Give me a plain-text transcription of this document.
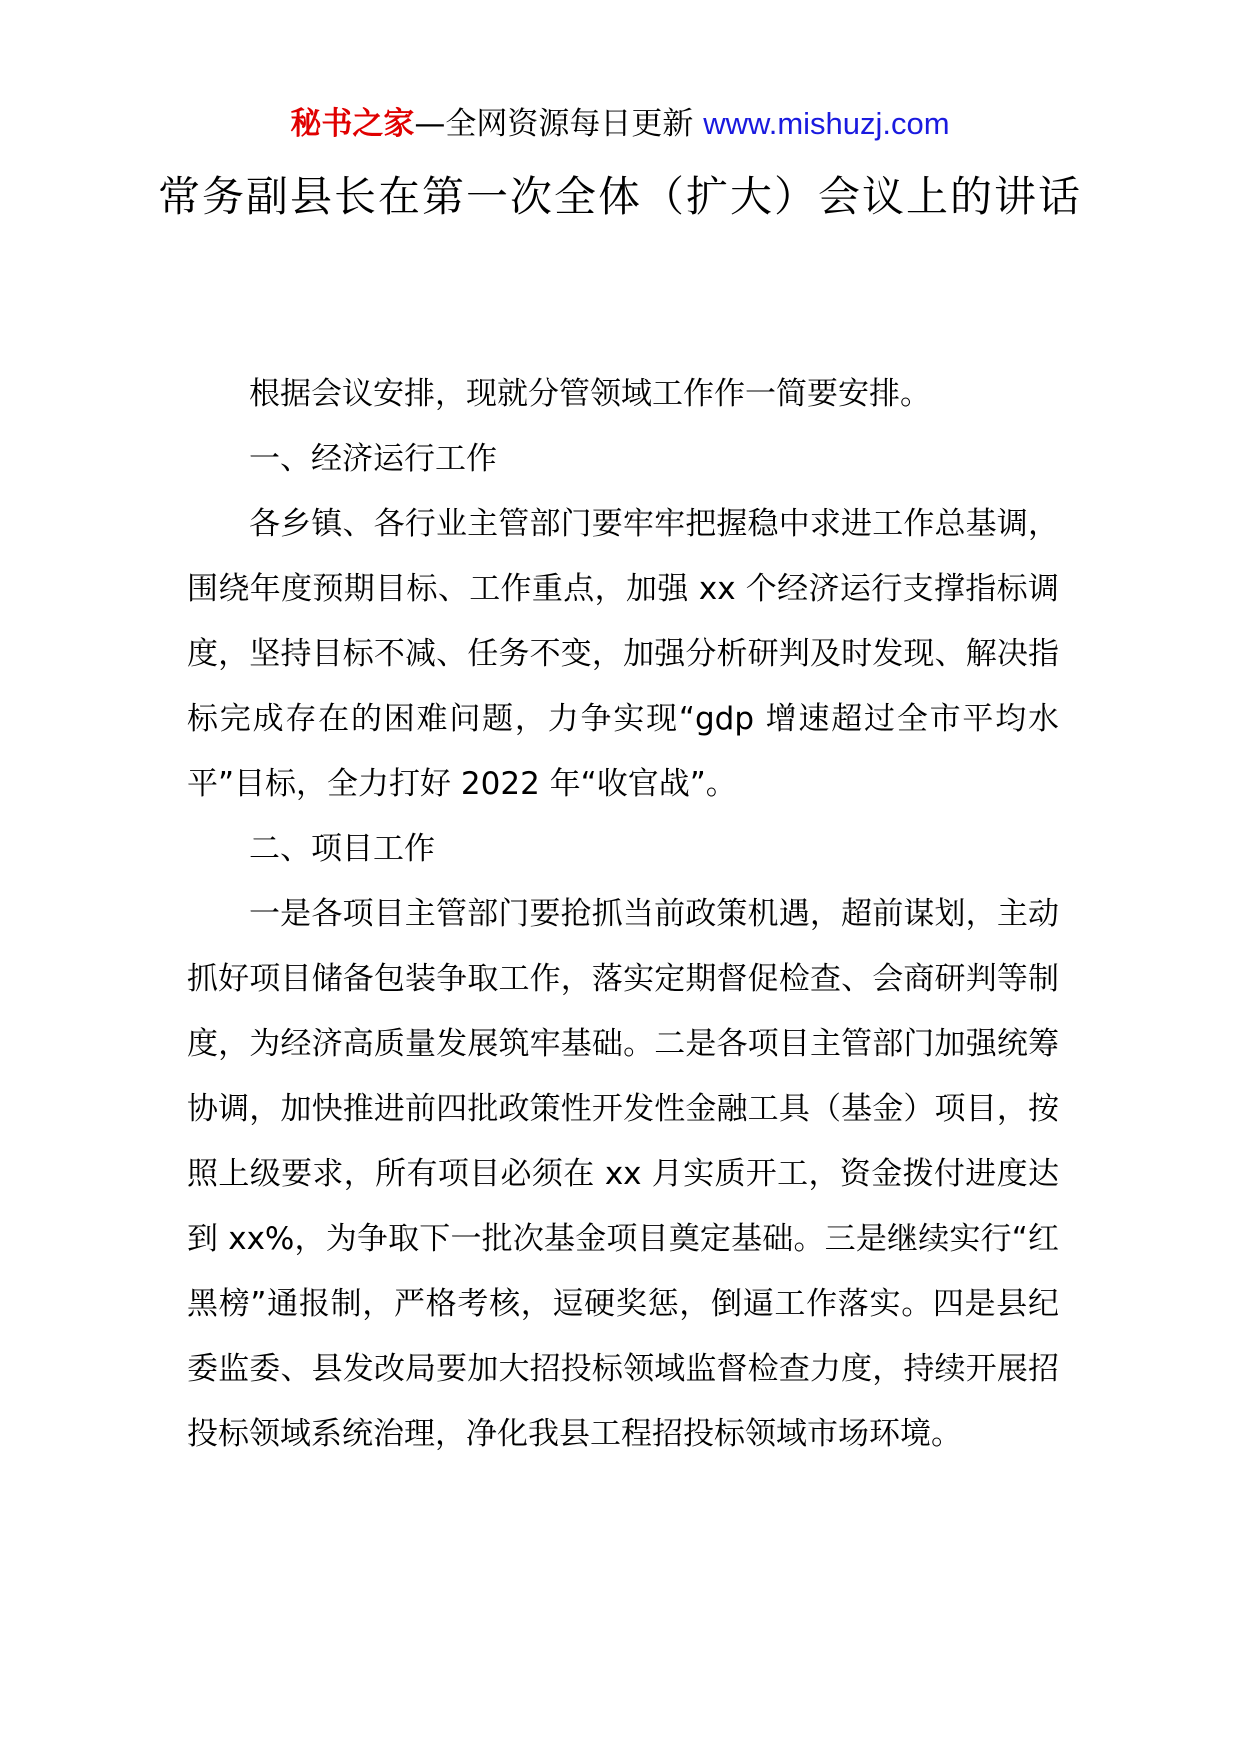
秘书之家—全网资源每日更新 www.mishuzj.com
常务副县长在第一次全体（扩大）会议上的讲话

根据会议安排，现就分管领域工作作一简要安排。

一、经济运行工作

各乡镇、各行业主管部门要牢牢把握稳中求进工作总基调，围绕年度预期目标、工作重点，加强 xx 个经济运行支撑指标调度，坚持目标不减、任务不变，加强分析研判及时发现、解决指标完成存在的困难问题，力争实现“gdp 增速超过全市平均水平”目标，全力打好 2022 年“收官战”。

二、项目工作

一是各项目主管部门要抢抓当前政策机遇，超前谋划，主动抓好项目储备包装争取工作，落实定期督促检查、会商研判等制度，为经济高质量发展筑牢基础。二是各项目主管部门加强统筹协调，加快推进前四批政策性开发性金融工具（基金）项目，按照上级要求，所有项目必须在 xx 月实质开工，资金拨付进度达到 xx%，为争取下一批次基金项目奠定基础。三是继续实行“红黑榜”通报制，严格考核，逗硬奖惩，倒逼工作落实。四是县纪委监委、县发改局要加大招投标领域监督检查力度，持续开展招投标领域系统治理，净化我县工程招投标领域市场环境。
